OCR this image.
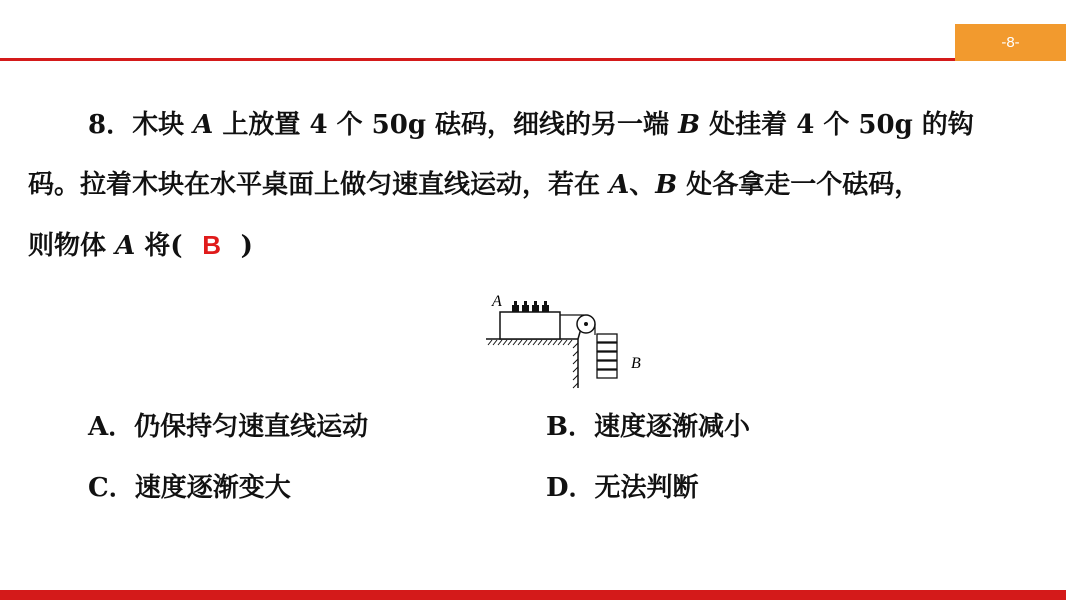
-8-
8．木块 A 上放置 4 个 50g 砝码，细线的另一端 B 处挂着 4 个 50g 的钩
码。拉着木块在水平桌面上做匀速直线运动，若在 A、B 处各拿走一个砝码，
则物体 A 将( B )
A
B
A．仍保持匀速直线运动	B．速度逐渐减小
C．速度逐渐变大	D．无法判断
